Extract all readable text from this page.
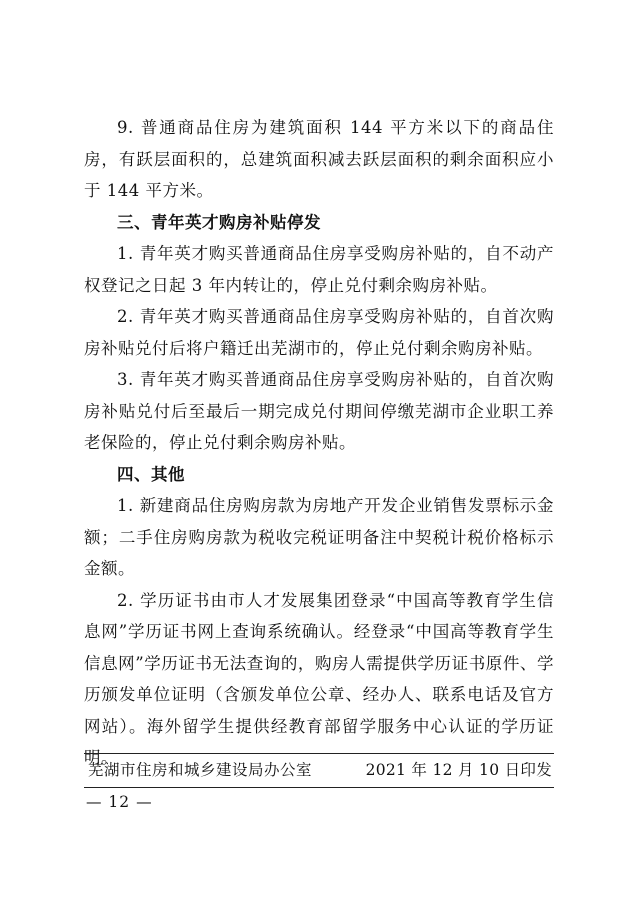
9. 普通商品住房为建筑面积 144 平方米以下的商品住房，有跃层面积的，总建筑面积减去跃层面积的剩余面积应小于 144 平方米。

三、青年英才购房补贴停发

1. 青年英才购买普通商品住房享受购房补贴的，自不动产权登记之日起 3 年内转让的，停止兑付剩余购房补贴。

2. 青年英才购买普通商品住房享受购房补贴的，自首次购房补贴兑付后将户籍迁出芜湖市的，停止兑付剩余购房补贴。

3. 青年英才购买普通商品住房享受购房补贴的，自首次购房补贴兑付后至最后一期完成兑付期间停缴芜湖市企业职工养老保险的，停止兑付剩余购房补贴。

四、其他

1. 新建商品住房购房款为房地产开发企业销售发票标示金额；二手住房购房款为税收完税证明备注中契税计税价格标示金额。

2. 学历证书由市人才发展集团登录“中国高等教育学生信息网”学历证书网上查询系统确认。经登录“中国高等教育学生信息网”学历证书无法查询的，购房人需提供学历证书原件、学历颁发单位证明（含颁发单位公章、经办人、联系电话及官方网站）。海外留学生提供经教育部留学服务中心认证的学历证明。

芜湖市住房和城乡建设局办公室	2021 年 12 月 10 日印发
— 12 —
